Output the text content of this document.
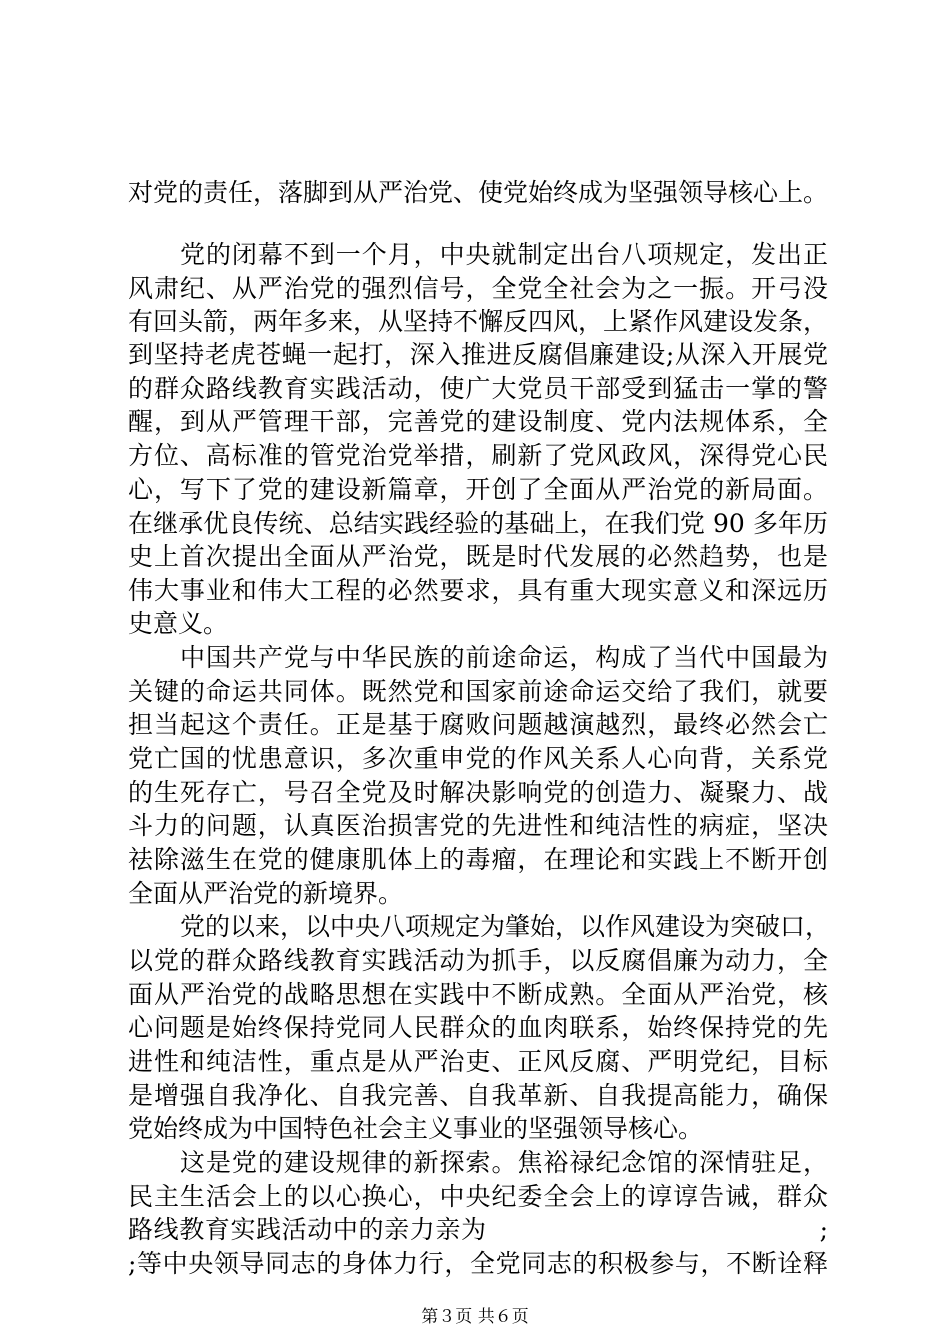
对党的责任，落脚到从严治党、使党始终成为坚强领导核心上。
党的闭幕不到一个月，中央就制定出台八项规定，发出正
风肃纪、从严治党的强烈信号，全党全社会为之一振。开弓没
有回头箭，两年多来，从坚持不懈反四风，上紧作风建设发条，
到坚持老虎苍蝇一起打，深入推进反腐倡廉建设;从深入开展党
的群众路线教育实践活动，使广大党员干部受到猛击一掌的警
醒，到从严管理干部，完善党的建设制度、党内法规体系，全
方位、高标准的管党治党举措，刷新了党风政风，深得党心民
心，写下了党的建设新篇章，开创了全面从严治党的新局面。
在继承优良传统、总结实践经验的基础上，在我们党 90 多年历
史上首次提出全面从严治党，既是时代发展的必然趋势，也是
伟大事业和伟大工程的必然要求，具有重大现实意义和深远历
史意义。
中国共产党与中华民族的前途命运，构成了当代中国最为
关键的命运共同体。既然党和国家前途命运交给了我们，就要
担当起这个责任。正是基于腐败问题越演越烈，最终必然会亡
党亡国的忧患意识，多次重申党的作风关系人心向背，关系党
的生死存亡，号召全党及时解决影响党的创造力、凝聚力、战
斗力的问题，认真医治损害党的先进性和纯洁性的病症，坚决
祛除滋生在党的健康肌体上的毒瘤，在理论和实践上不断开创
全面从严治党的新境界。
党的以来，以中央八项规定为肇始，以作风建设为突破口，
以党的群众路线教育实践活动为抓手，以反腐倡廉为动力，全
面从严治党的战略思想在实践中不断成熟。全面从严治党，核
心问题是始终保持党同人民群众的血肉联系，始终保持党的先
进性和纯洁性，重点是从严治吏、正风反腐、严明党纪，目标
是增强自我净化、自我完善、自我革新、自我提高能力，确保
党始终成为中国特色社会主义事业的坚强领导核心。
这是党的建设规律的新探索。焦裕禄纪念馆的深情驻足，
民主生活会上的以心换心，中央纪委全会上的谆谆告诫，群众
路线教育实践活动中的亲力亲为　　　　　　　　　　　　　;
;等中央领导同志的身体力行，全党同志的积极参与，不断诠释
第３页 共６页
